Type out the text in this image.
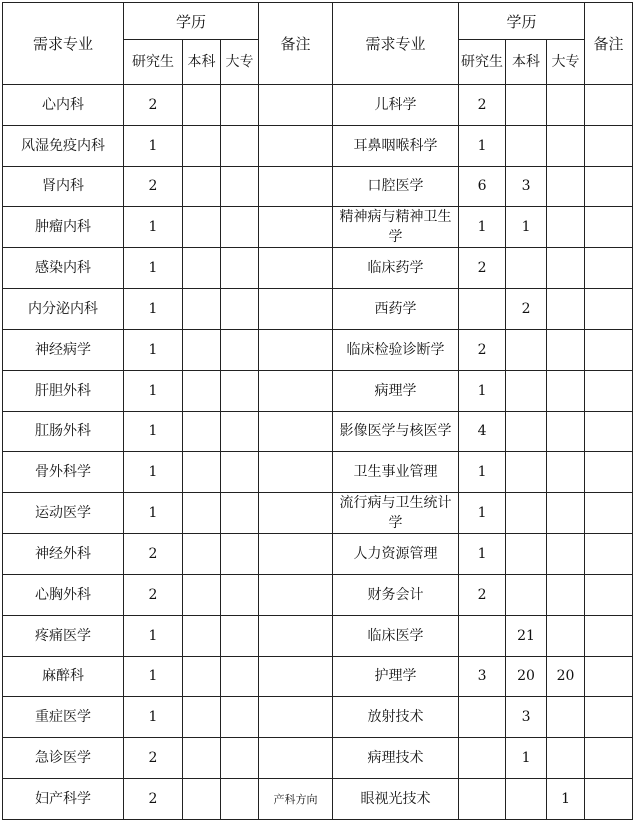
需求专业	学历			备注	需求专业	学历			备注

	研究生	本科	大专			研究生	本科	大专	

心内科	2				儿科学	2			
风湿免疫内科	1				耳鼻咽喉科学	1			
肾内科	2				口腔医学	6	3		
肿瘤内科	1				精神病与精神卫生学	1	1		
感染内科	1				临床药学	2			
内分泌内科	1				西药学		2		
神经病学	1				临床检验诊断学	2			
肝胆外科	1				病理学	1			
肛肠外科	1				影像医学与核医学	4			
骨外科学	1				卫生事业管理	1			
运动医学	1				流行病与卫生统计学	1			
神经外科	2				人力资源管理	1			
心胸外科	2				财务会计	2			
疼痛医学	1				临床医学		21		
麻醉科	1				护理学	3	20	20	
重症医学	1				放射技术		3		
急诊医学	2				病理技术		1		
妇产科学	2			产科方向	眼视光技术			1	
